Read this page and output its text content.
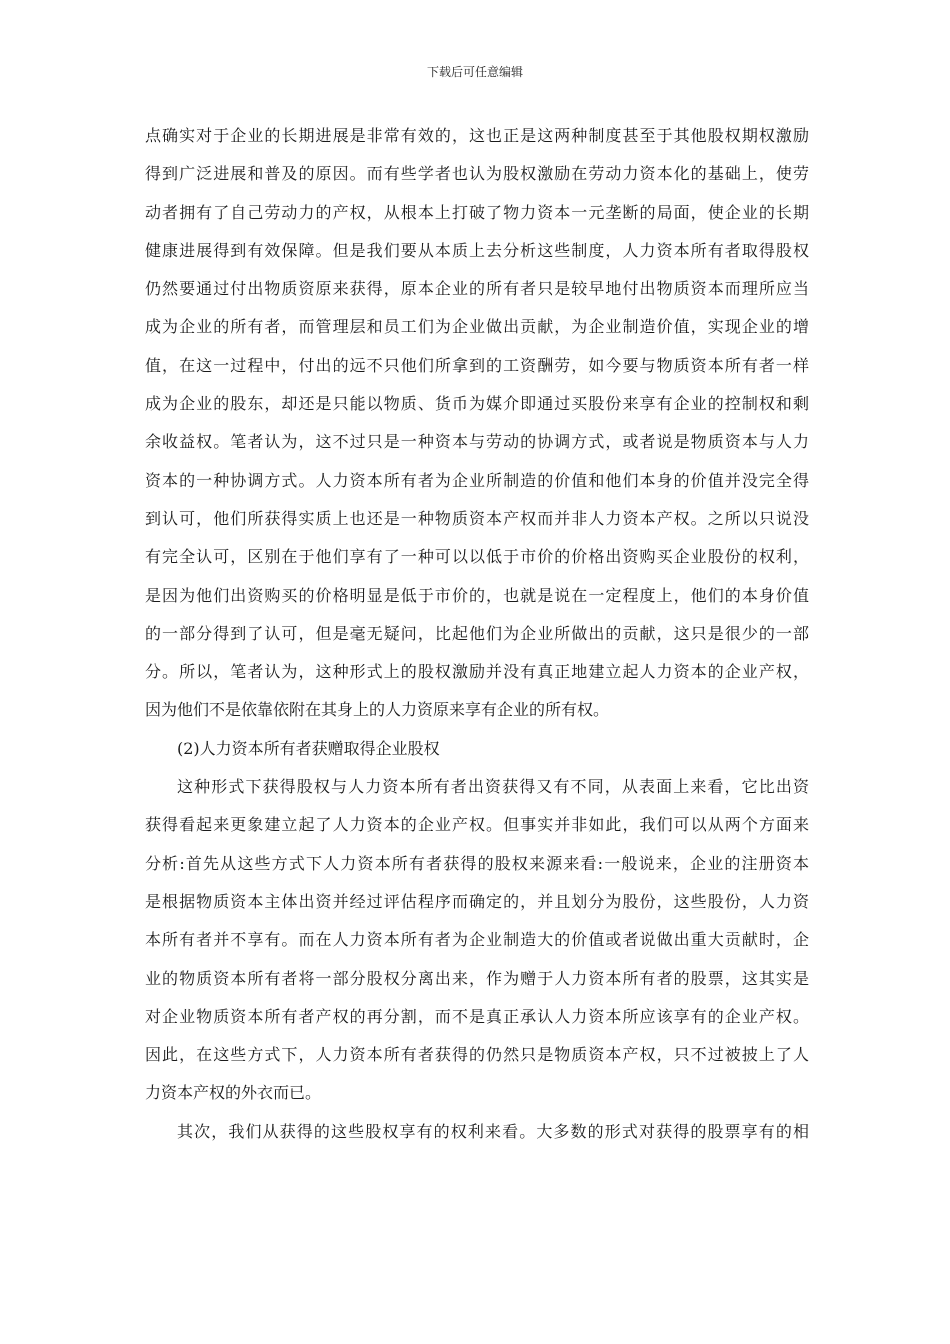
下载后可任意编辑
点确实对于企业的长期进展是非常有效的，这也正是这两种制度甚至于其他股权期权激励
得到广泛进展和普及的原因。而有些学者也认为股权激励在劳动力资本化的基础上，使劳
动者拥有了自己劳动力的产权，从根本上打破了物力资本一元垄断的局面，使企业的长期
健康进展得到有效保障。但是我们要从本质上去分析这些制度，人力资本所有者取得股权
仍然要通过付出物质资原来获得，原本企业的所有者只是较早地付出物质资本而理所应当
成为企业的所有者，而管理层和员工们为企业做出贡献，为企业制造价值，实现企业的增
值，在这一过程中，付出的远不只他们所拿到的工资酬劳，如今要与物质资本所有者一样
成为企业的股东，却还是只能以物质、货币为媒介即通过买股份来享有企业的控制权和剩
余收益权。笔者认为，这不过只是一种资本与劳动的协调方式，或者说是物质资本与人力
资本的一种协调方式。人力资本所有者为企业所制造的价值和他们本身的价值并没完全得
到认可，他们所获得实质上也还是一种物质资本产权而并非人力资本产权。之所以只说没
有完全认可，区别在于他们享有了一种可以以低于市价的价格出资购买企业股份的权利，
是因为他们出资购买的价格明显是低于市价的，也就是说在一定程度上，他们的本身价值
的一部分得到了认可，但是毫无疑问，比起他们为企业所做出的贡献，这只是很少的一部
分。所以，笔者认为，这种形式上的股权激励并没有真正地建立起人力资本的企业产权，
因为他们不是依靠依附在其身上的人力资原来享有企业的所有权。
(2)人力资本所有者获赠取得企业股权
这种形式下获得股权与人力资本所有者出资获得又有不同，从表面上来看，它比出资
获得看起来更象建立起了人力资本的企业产权。但事实并非如此，我们可以从两个方面来
分析:首先从这些方式下人力资本所有者获得的股权来源来看:一般说来，企业的注册资本
是根据物质资本主体出资并经过评估程序而确定的，并且划分为股份，这些股份，人力资
本所有者并不享有。而在人力资本所有者为企业制造大的价值或者说做出重大贡献时，企
业的物质资本所有者将一部分股权分离出来，作为赠于人力资本所有者的股票，这其实是
对企业物质资本所有者产权的再分割，而不是真正承认人力资本所应该享有的企业产权。
因此，在这些方式下，人力资本所有者获得的仍然只是物质资本产权，只不过被披上了人
力资本产权的外衣而已。
其次，我们从获得的这些股权享有的权利来看。大多数的形式对获得的股票享有的相
